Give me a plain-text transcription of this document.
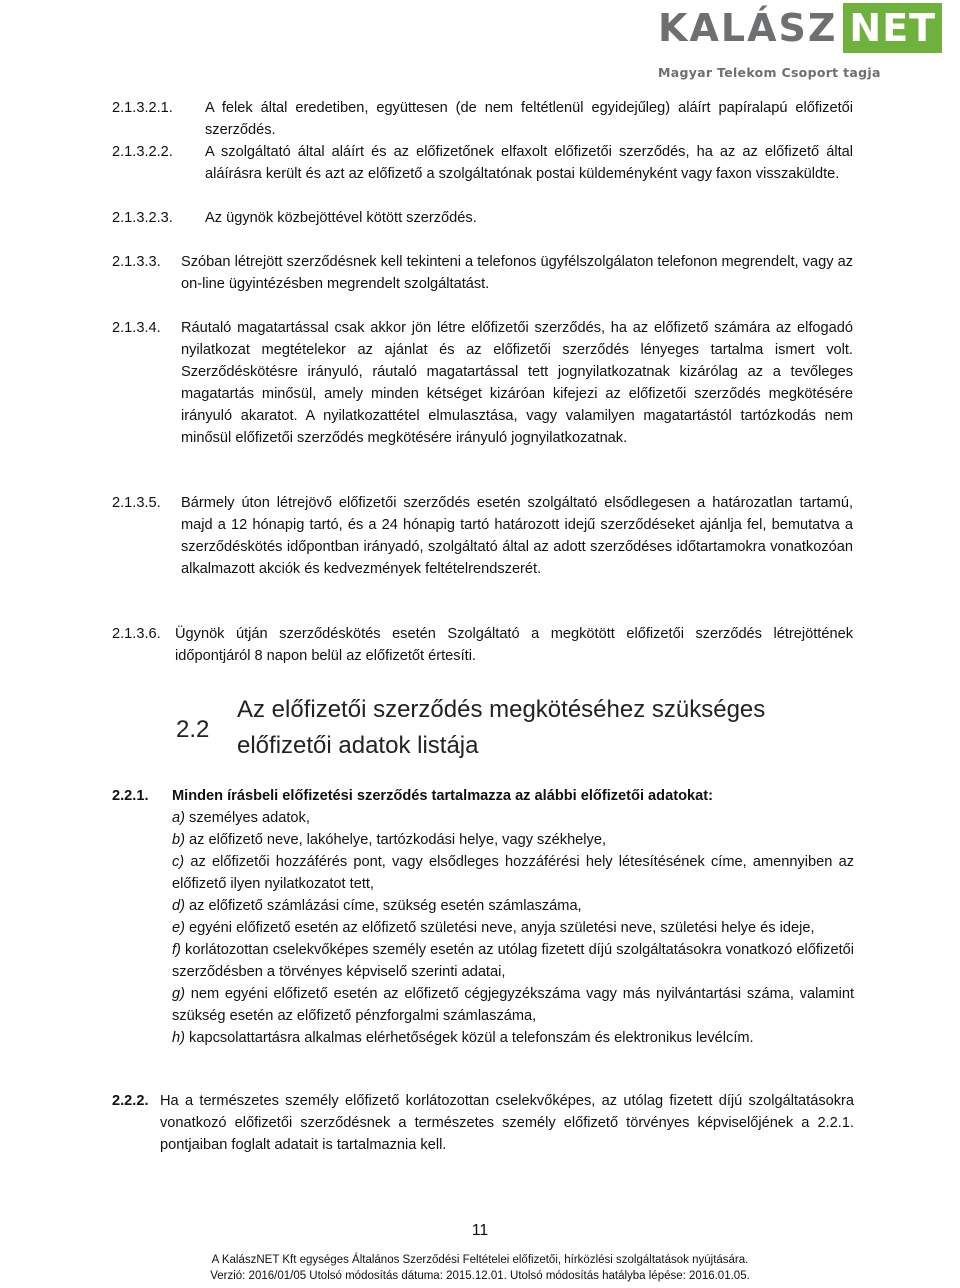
KALÁSZ NET
Magyar Telekom Csoport tagja
2.1.3.2.1. A felek által eredetiben, együttesen (de nem feltétlenül egyidejűleg) aláírt papíralapú előfizetői szerződés.
2.1.3.2.2. A szolgáltató által aláírt és az előfizetőnek elfaxolt előfizetői szerződés, ha az az előfizető által aláírásra került és azt az előfizető a szolgáltatónak postai küldeményként vagy faxon visszaküldte.
2.1.3.2.3. Az ügynök közbejöttével kötött szerződés.
2.1.3.3. Szóban létrejött szerződésnek kell tekinteni a telefonos ügyfélszolgálaton telefonon megrendelt, vagy az on-line ügyintézésben megrendelt szolgáltatást.
2.1.3.4. Ráutaló magatartással csak akkor jön létre előfizetői szerződés, ha az előfizető számára az elfogadó nyilatkozat megtételekor az ajánlat és az előfizetői szerződés lényeges tartalma ismert volt. Szerződéskötésre irányuló, ráutaló magatartással tett jognyilatkozatnak kizárólag az a tevőleges magatartás minősül, amely minden kétséget kizáróan kifejezi az előfizetői szerződés megkötésére irányuló akaratot. A nyilatkozattétel elmulasztása, vagy valamilyen magatartástól tartózkodás nem minősül előfizetői szerződés megkötésére irányuló jognyilatkozatnak.
2.1.3.5. Bármely úton létrejövő előfizetői szerződés esetén szolgáltató elsődlegesen a határozatlan tartamú, majd a 12 hónapig tartó, és a 24 hónapig tartó határozott idejű szerződéseket ajánlja fel, bemutatva a szerződéskötés időpontban irányadó, szolgáltató által az adott szerződéses időtartamokra vonatkozóan alkalmazott akciók és kedvezmények feltételrendszerét.
2.1.3.6. Ügynök útján szerződéskötés esetén Szolgáltató a megkötött előfizetői szerződés létrejöttének időpontjáról 8 napon belül az előfizetőt értesíti.
2.2
Az előfizetői szerződés megkötéséhez szükséges előfizetői adatok listája
2.2.1. Minden írásbeli előfizetési szerződés tartalmazza az alábbi előfizetői adatokat:
a) személyes adatok,
b) az előfizető neve, lakóhelye, tartózkodási helye, vagy székhelye,
c) az előfizetői hozzáférés pont, vagy elsődleges hozzáférési hely létesítésének címe, amennyiben az előfizető ilyen nyilatkozatot tett,
d) az előfizető számlázási címe, szükség esetén számlaszáma,
e) egyéni előfizető esetén az előfizető születési neve, anyja születési neve, születési helye és ideje,
f) korlátozottan cselekvőképes személy esetén az utólag fizetett díjú szolgáltatásokra vonatkozó előfizetői szerződésben a törvényes képviselő szerinti adatai,
g) nem egyéni előfizető esetén az előfizető cégjegyzékszáma vagy más nyilvántartási száma, valamint szükség esetén az előfizető pénzforgalmi számlaszáma,
h) kapcsolattartásra alkalmas elérhetőségek közül a telefonszám és elektronikus levélcím.
2.2.2. Ha a természetes személy előfizető korlátozottan cselekvőképes, az utólag fizetett díjú szolgáltatásokra vonatkozó előfizetői szerződésnek a természetes személy előfizető törvényes képviselőjének a 2.2.1. pontjaiban foglalt adatait is tartalmaznia kell.
11
A KalászNET Kft egységes Általános Szerződési Feltételei előfizetői, hírközlési szolgáltatások nyújtására.
Verzió: 2016/01/05 Utolsó módosítás dátuma: 2015.12.01. Utolsó módosítás hatályba lépése: 2016.01.05.
